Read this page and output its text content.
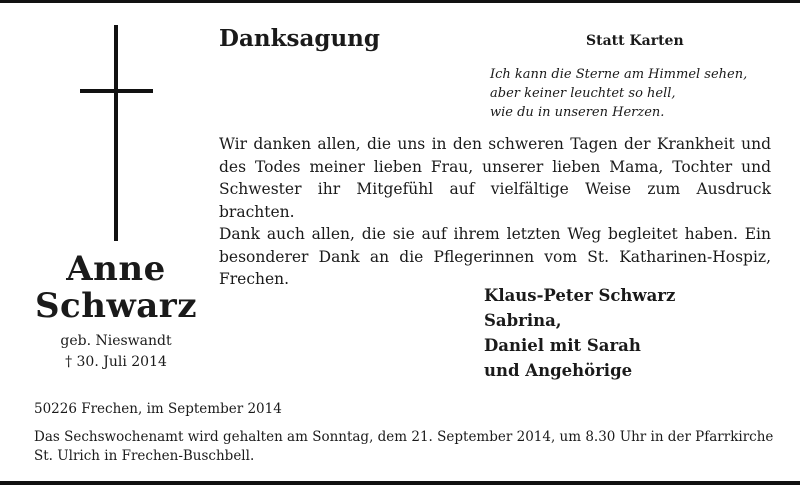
Anne
Schwarz
geb. Nieswandt
† 30. Juli 2014
Danksagung	Statt Karten
Ich kann die Sterne am Himmel sehen,
aber keiner leuchtet so hell,
wie du in unseren Herzen.

Wir danken allen, die uns in den schweren Tagen der Krankheit und des Todes meiner lieben Frau, unserer lieben Mama, Tochter und Schwester ihr Mitgefühl auf vielfältige Weise zum Ausdruck brachten.

Dank auch allen, die sie auf ihrem letzten Weg begleitet haben. Ein besonderer Dank an die Pflegerinnen vom St. Katharinen-Hospiz, Frechen.

Klaus-Peter Schwarz
Sabrina,
Daniel mit Sarah
und Angehörige
50226 Frechen, im September 2014
Das Sechswochenamt wird gehalten am Sonntag, dem 21. September 2014, um 8.30 Uhr in der Pfarrkirche St. Ulrich in Frechen-Buschbell.
